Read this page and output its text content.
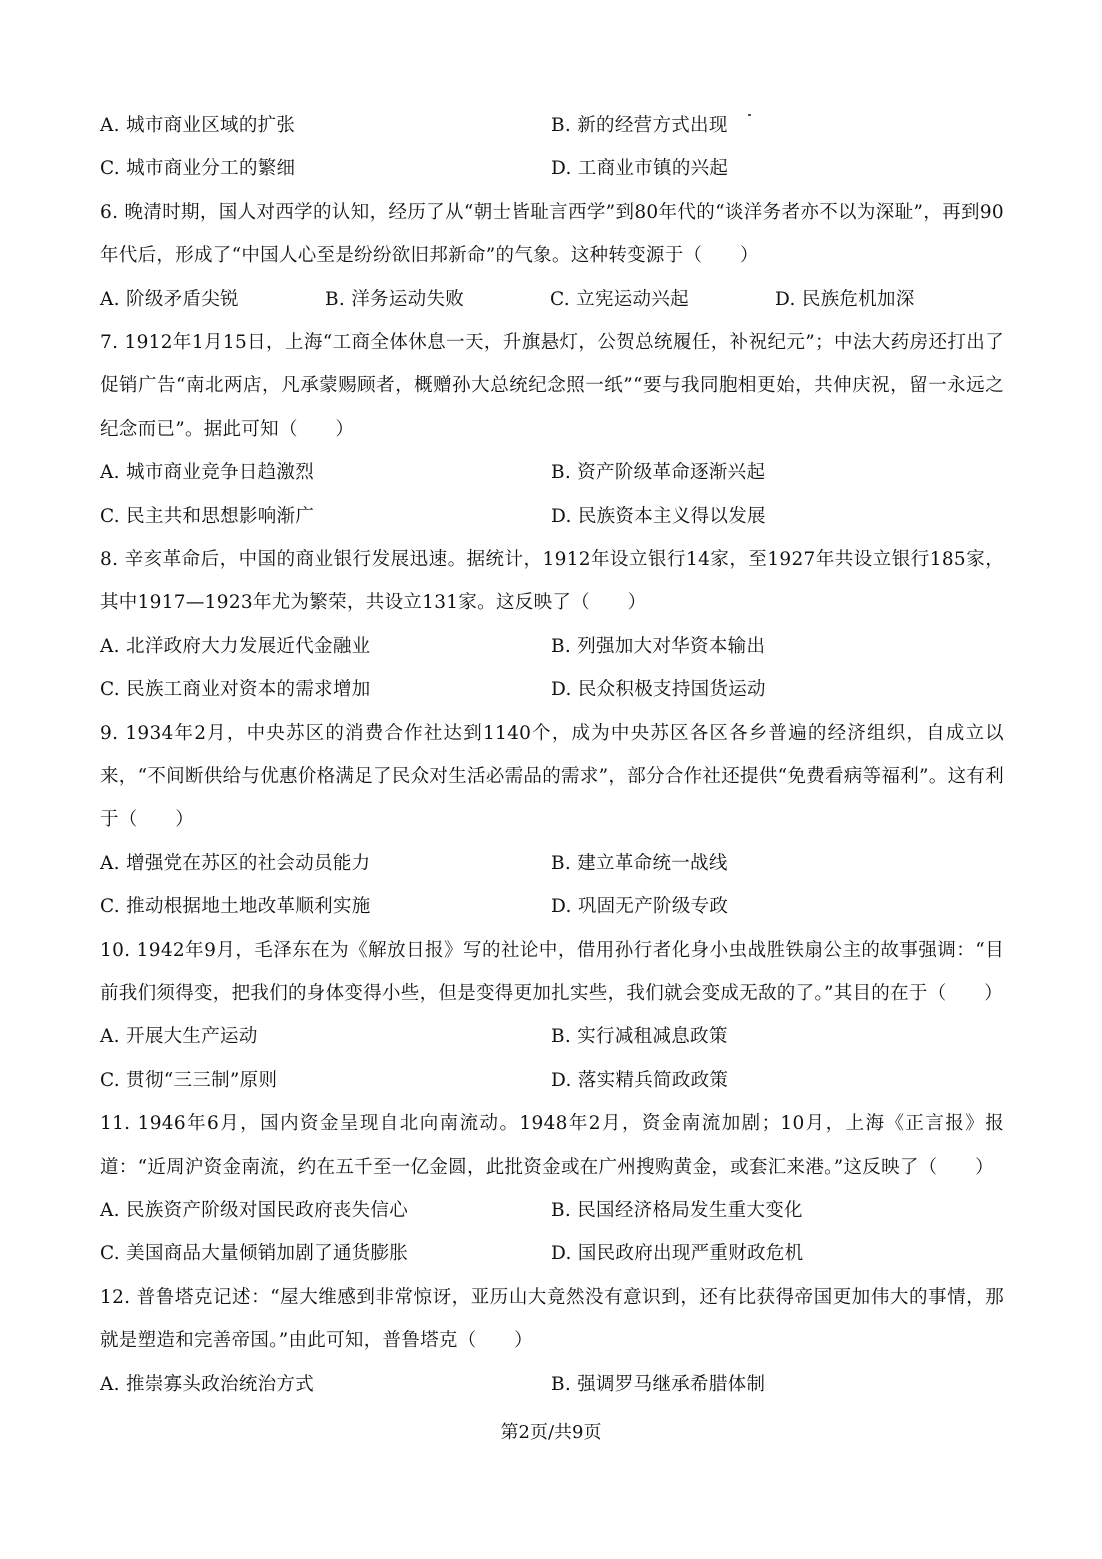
A. 城市商业区域的扩张	B. 新的经营方式出现
C. 城市商业分工的繁细	D. 工商业市镇的兴起
6. 晚清时期，国人对西学的认知，经历了从“朝士皆耻言西学”到80年代的“谈洋务者亦不以为深耻”，再到90年代后，形成了“中国人心至是纷纷欲旧邦新命”的气象。这种转变源于（　　）
A. 阶级矛盾尖锐	B. 洋务运动失败	C. 立宪运动兴起	D. 民族危机加深
7. 1912年1月15日，上海“工商全体休息一天，升旗悬灯，公贺总统履任，补祝纪元”；中法大药房还打出了促销广告“南北两店，凡承蒙赐顾者，概赠孙大总统纪念照一纸”“要与我同胞相更始，共伸庆祝，留一永远之纪念而已”。据此可知（　　）
A. 城市商业竞争日趋激烈	B. 资产阶级革命逐渐兴起
C. 民主共和思想影响渐广	D. 民族资本主义得以发展
8. 辛亥革命后，中国的商业银行发展迅速。据统计，1912年设立银行14家，至1927年共设立银行185家，其中1917—1923年尤为繁荣，共设立131家。这反映了（　　）
A. 北洋政府大力发展近代金融业	B. 列强加大对华资本输出
C. 民族工商业对资本的需求增加	D. 民众积极支持国货运动
9. 1934年2月，中央苏区的消费合作社达到1140个，成为中央苏区各区各乡普遍的经济组织，自成立以来，“不间断供给与优惠价格满足了民众对生活必需品的需求”，部分合作社还提供“免费看病等福利”。这有利于（　　）
A. 增强党在苏区的社会动员能力	B. 建立革命统一战线
C. 推动根据地土地改革顺利实施	D. 巩固无产阶级专政
10. 1942年9月，毛泽东在为《解放日报》写的社论中，借用孙行者化身小虫战胜铁扇公主的故事强调：“目前我们须得变，把我们的身体变得小些，但是变得更加扎实些，我们就会变成无敌的了。”其目的在于（　　）
A. 开展大生产运动	B. 实行减租减息政策
C. 贯彻“三三制”原则	D. 落实精兵简政政策
11. 1946年6月，国内资金呈现自北向南流动。1948年2月，资金南流加剧；10月，上海《正言报》报道：“近周沪资金南流，约在五千至一亿金圆，此批资金或在广州搜购黄金，或套汇来港。”这反映了（　　）
A. 民族资产阶级对国民政府丧失信心	B. 民国经济格局发生重大变化
C. 美国商品大量倾销加剧了通货膨胀	D. 国民政府出现严重财政危机
12. 普鲁塔克记述：“屋大维感到非常惊讶，亚历山大竟然没有意识到，还有比获得帝国更加伟大的事情，那就是塑造和完善帝国。”由此可知，普鲁塔克（　　）
A. 推崇寡头政治统治方式	B. 强调罗马继承希腊体制
第2页/共9页
